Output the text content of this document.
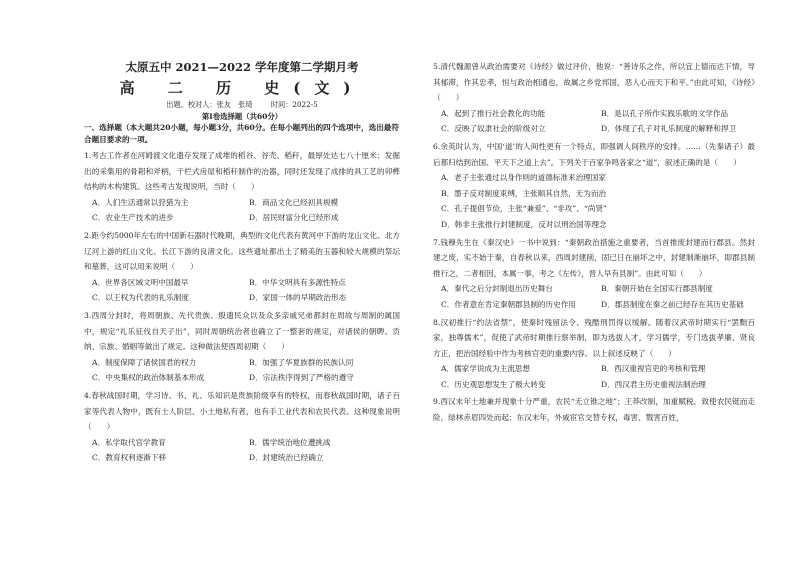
太原五中 2021—2022 学年度第二学期月考
高 二 历 史(文)
出题、校对人：张友　张琦	时间：2022-5
第Ⅰ卷选择题（共60分）
一、选择题（本大题共20小题，每小题3分，共60分。在每小题列出的四个选项中，选出最符合题目要求的一项。
1.考古工作者在河姆渡文化遗存发现了成堆的稻谷、谷壳、稻秆，最厚处达七八十厘米；发掘出的采集用的骨耜和斧柄，干栏式房屋和稻秆制作的冶器，同时还发现了成排的具工艺的卯榫结构的木构建筑。这些考古发现说明，当时（　　）
A．人们生活通常以狩猎为主	B．商品文化已经初具规模
C．农业生产技术的进步	D．居民财富分化已经形成
2.距今约5000年左右的中国新石器时代晚期，典型的文化代表有黄河中下游的龙山文化、北方辽河上游的红山文化、长江下游的良渚文化。这些遗址都出土了精美的玉器和较大规模的祭坛和墓葬，这可以用来说明（　　）
A．世界各区域文明中国最早	B．中华文明具有多源性特点
C．以王权为代表的礼乐制度	D．家国一体的早期政治形态
3.西周分封时，将周朝族、先代贵族、殷遗民众以及众多亲戚兄弟都封在周故与周制的属国中，规定“礼乐征伐自天子出”，同时周朝统治者也确立了一整套的规定，对诸侯的朝聘、贡纳、宗族、婚姻等做出了规定。这种做法使西周初期（　　）
A．制度保障了诸侯国君的权力	B．加强了华夏族群的民族认同
C．中央集权的政治体制基本形成	D．宗法秩序得到了严格的遵守
4.春秋战国时期，学习诗、书、礼、乐知识是贵族阶级享有的特权，而春秋战国时期，诸子百家等代表人物中，既有士人阶层、小土地私有者，也有手工业代表和农民代表。这种现象说明（　　）
A．私学取代官学教育	B．儒学统治地位遭挑战
C．教育权利逐渐下移	D．封建统治已经确立
5.清代魏源曾从政治需要对《诗经》做过评价，他说：“善诗乐之作，所以宜上德而达下情，导其郁滞，作其忠孝，恒与政治相通也，故属之乡党邦国，恶人心而天下和平。”由此可知，《诗经》（　　）
A．起到了推行社会教化的功能	B．是以孔子所作实践乐歌的文学作品
C．反映了奴隶社会的阶级对立	D．体现了孔子对礼乐制度的解释和捍卫
6.余英时认为，中国‘道’的人间性更有一个特点，即强调人间秩序的安排。……（先秦诸子）最后都归结到治国、平天下之道上去”。下列关于百家争鸣各家之“道”，叙述正确的是（　　）
A．老子主张通过以身作则的道德标准来治理国家
B．墨子反对制度束缚，主张顺其自然，无为而治
C．孔子提倡节俭，主张“兼爱”、“非攻”、“尚贤”
D．韩非主张推行封建制度，反对以刑治国等理念
7.钱穆先生在《秦汉史》一书中说到：“秦朝政治措施之重要者，当首推废封建而行郡县。然封建之废，实不始于秦，自春秋以来，西周封建削，固已日在崩坏之中，封建制渐崩坏，即郡县制推行之，二者相因，本属一事，考之《左传》，晋人早有县制”。由此可知（　　）
A．秦代之后分封制退出历史舞台	B．秦朝开始在全国实行郡县制度
C．作者意在肯定秦朝郡县制的历史作用	D．郡县制度在秦之前已经存在其历史基础
8.汉初推行“约法省禁”，使秦时残留法令、残酷刑罚得以缓解。随着汉武帝时期实行“罢黜百家，独尊儒术”，促使了武帝时期推行察举制，即为选拔人才，学习儒学，专门选拔孝廉、贤良方正，把治国经验中作为考核官吏的重要内容。以上叙述反映了（　　）
A．儒家学说成为主流思想	B．西汉重视官吏的考核和管理
C．历史观思想发生了极大转变	D．西汉君主历史重视法制治理
9.西汉末年土地兼并现象十分严重，农民“无立锥之地”；王莽改制，加重赋税，致使农民铤而走险，绿林赤眉四处而起；东汉末年，外戚宦官交替专权，毒害、戮害百姓，
